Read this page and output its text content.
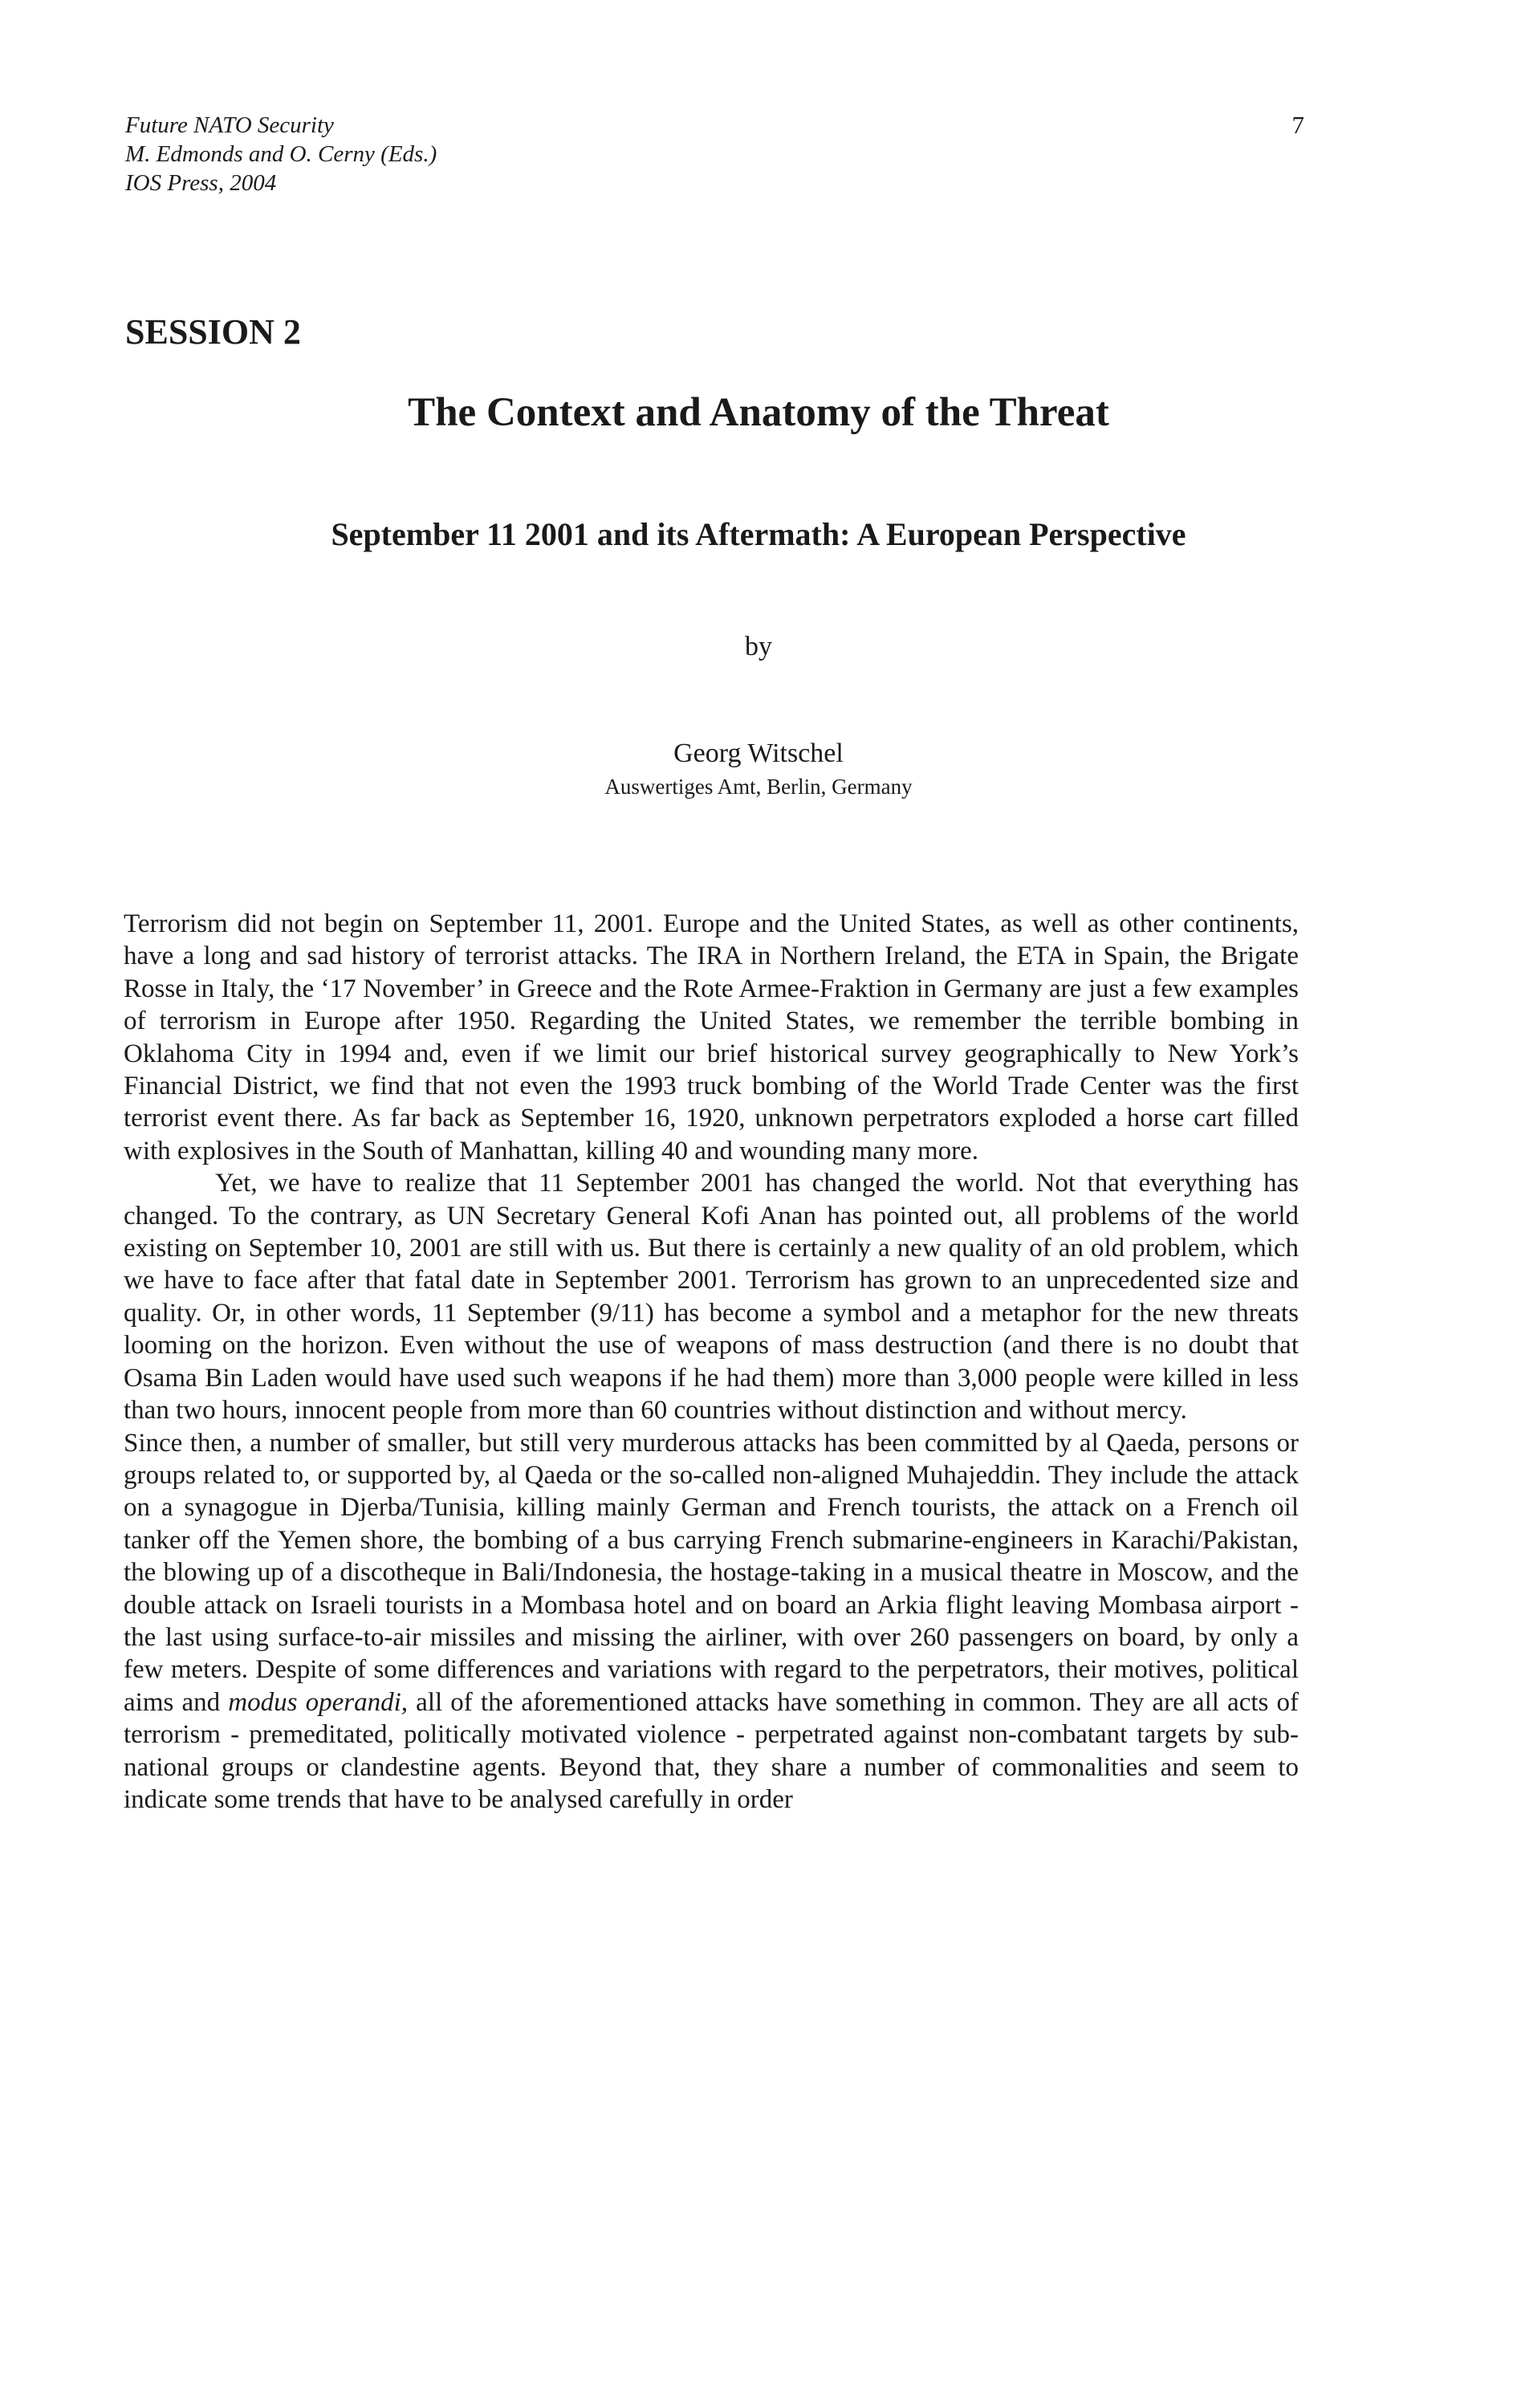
Future NATO Security
M. Edmonds and O. Cerny (Eds.)
IOS Press, 2004
7
SESSION 2
The Context and Anatomy of the Threat
September 11 2001 and its Aftermath: A European Perspective
by
Georg Witschel
Auswertiges Amt, Berlin, Germany

Terrorism did not begin on September 11, 2001. Europe and the United States, as well as other continents, have a long and sad history of terrorist attacks. The IRA in Northern Ireland, the ETA in Spain, the Brigate Rosse in Italy, the ‘17 November’ in Greece and the Rote Armee-Fraktion in Germany are just a few examples of terrorism in Europe after 1950. Regarding the United States, we remember the terrible bombing in Oklahoma City in 1994 and, even if we limit our brief historical survey geographically to New York’s Financial District, we find that not even the 1993 truck bombing of the World Trade Center was the first terrorist event there. As far back as September 16, 1920, unknown perpetrators exploded a horse cart filled with explosives in the South of Manhattan, killing 40 and wounding many more.

Yet, we have to realize that 11 September 2001 has changed the world. Not that everything has changed. To the contrary, as UN Secretary General Kofi Anan has pointed out, all problems of the world existing on September 10, 2001 are still with us. But there is certainly a new quality of an old problem, which we have to face after that fatal date in September 2001. Terrorism has grown to an unprecedented size and quality. Or, in other words, 11 September (9/11) has become a symbol and a metaphor for the new threats looming on the horizon. Even without the use of weapons of mass destruction (and there is no doubt that Osama Bin Laden would have used such weapons if he had them) more than 3,000 people were killed in less than two hours, innocent people from more than 60 countries without distinction and without mercy.

Since then, a number of smaller, but still very murderous attacks has been committed by al Qaeda, persons or groups related to, or supported by, al Qaeda or the so-called non-aligned Muhajeddin. They include the attack on a synagogue in Djerba/Tunisia, killing mainly German and French tourists, the attack on a French oil tanker off the Yemen shore, the bombing of a bus carrying French submarine-engineers in Karachi/Pakistan, the blowing up of a discotheque in Bali/Indonesia, the hostage-taking in a musical theatre in Moscow, and the double attack on Israeli tourists in a Mombasa hotel and on board an Arkia flight leaving Mombasa airport - the last using surface-to-air missiles and missing the airliner, with over 260 passengers on board, by only a few meters. Despite of some differences and variations with regard to the perpetrators, their motives, political aims and modus operandi, all of the aforementioned attacks have something in common. They are all acts of terrorism - premeditated, politically motivated violence - perpetrated against non-combatant targets by sub-national groups or clandestine agents. Beyond that, they share a number of commonalities and seem to indicate some trends that have to be analysed carefully in order
